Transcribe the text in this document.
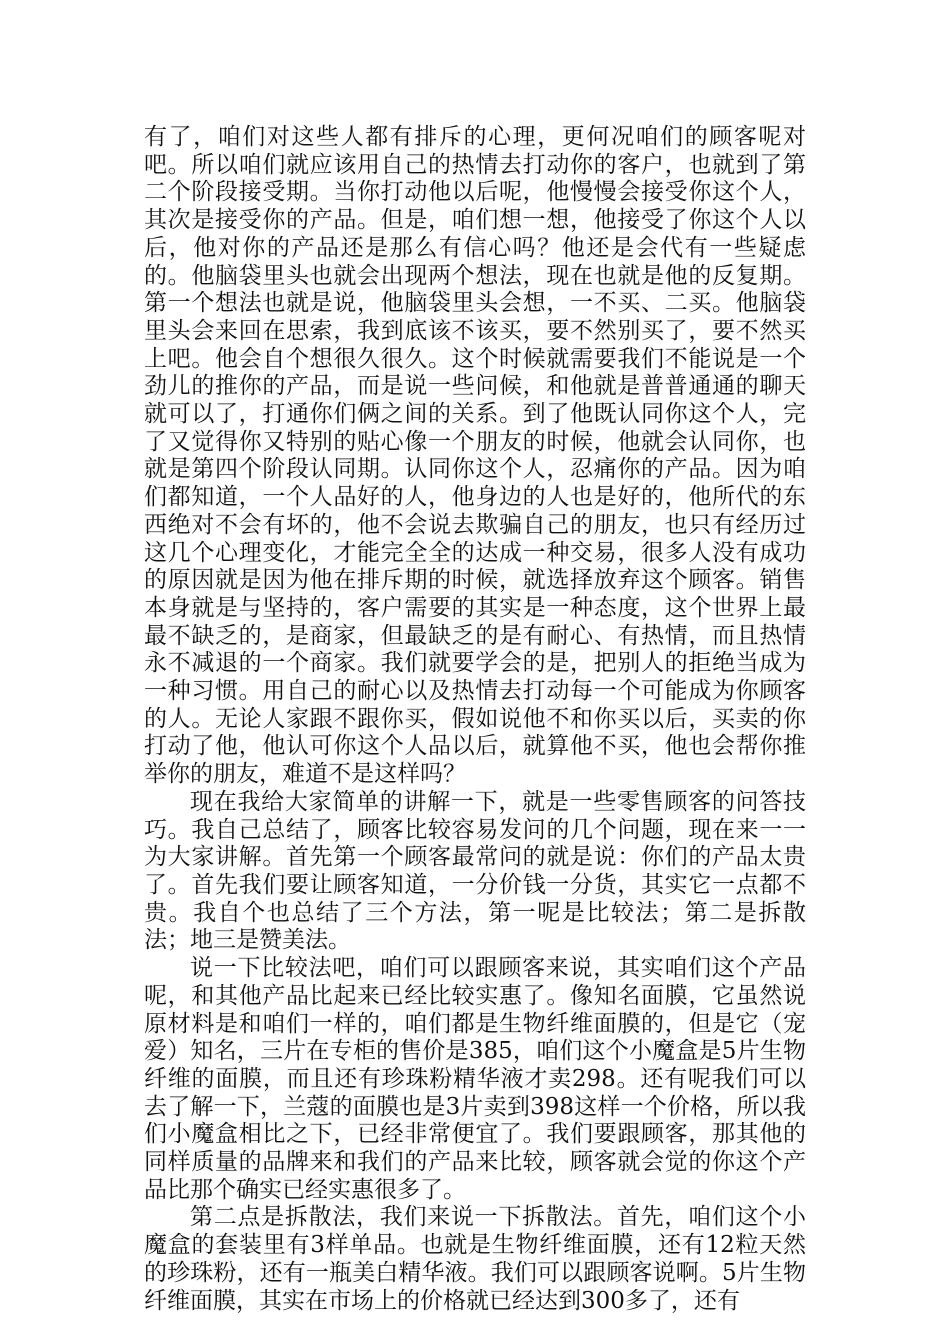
有了，咱们对这些人都有排斥的心理，更何况咱们的顾客呢对吧。所以咱们就应该用自己的热情去打动你的客户，也就到了第二个阶段接受期。当你打动他以后呢，他慢慢会接受你这个人，其次是接受你的产品。但是，咱们想一想，他接受了你这个人以后，他对你的产品还是那么有信心吗？他还是会代有一些疑虑的。他脑袋里头也就会出现两个想法，现在也就是他的反复期。第一个想法也就是说，他脑袋里头会想，一不买、二买。他脑袋里头会来回在思索，我到底该不该买，要不然别买了，要不然买上吧。他会自个想很久很久。这个时候就需要我们不能说是一个劲儿的推你的产品，而是说一些问候，和他就是普普通通的聊天就可以了，打通你们俩之间的关系。到了他既认同你这个人，完了又觉得你又特别的贴心像一个朋友的时候，他就会认同你，也就是第四个阶段认同期。认同你这个人，忍痛你的产品。因为咱们都知道，一个人品好的人，他身边的人也是好的，他所代的东西绝对不会有坏的，他不会说去欺骗自己的朋友，也只有经历过这几个心理变化，才能完全全的达成一种交易，很多人没有成功的原因就是因为他在排斥期的时候，就选择放弃这个顾客。销售本身就是与坚持的，客户需要的其实是一种态度，这个世界上最最不缺乏的，是商家，但最缺乏的是有耐心、有热情，而且热情永不减退的一个商家。我们就要学会的是，把别人的拒绝当成为一种习惯。用自己的耐心以及热情去打动每一个可能成为你顾客的人。无论人家跟不跟你买，假如说他不和你买以后，买卖的你打动了他，他认可你这个人品以后，就算他不买，他也会帮你推举你的朋友，难道不是这样吗？

现在我给大家简单的讲解一下，就是一些零售顾客的问答技巧。我自己总结了，顾客比较容易发问的几个问题，现在来一一为大家讲解。首先第一个顾客最常问的就是说：你们的产品太贵了。首先我们要让顾客知道，一分价钱一分货，其实它一点都不贵。我自个也总结了三个方法，第一呢是比较法；第二是拆散法；地三是赞美法。

说一下比较法吧，咱们可以跟顾客来说，其实咱们这个产品呢，和其他产品比起来已经比较实惠了。像知名面膜，它虽然说原材料是和咱们一样的，咱们都是生物纤维面膜的，但是它（宠爱）知名，三片在专柜的售价是385，咱们这个小魔盒是5片生物纤维的面膜，而且还有珍珠粉精华液才卖298。还有呢我们可以去了解一下，兰蔻的面膜也是3片卖到398这样一个价格，所以我们小魔盒相比之下，已经非常便宜了。我们要跟顾客，那其他的同样质量的品牌来和我们的产品来比较，顾客就会觉的你这个产品比那个确实已经实惠很多了。

第二点是拆散法，我们来说一下拆散法。首先，咱们这个小魔盒的套装里有3样单品。也就是生物纤维面膜，还有12粒天然的珍珠粉，还有一瓶美白精华液。我们可以跟顾客说啊。5片生物纤维面膜，其实在市场上的价格就已经达到300多了，还有
